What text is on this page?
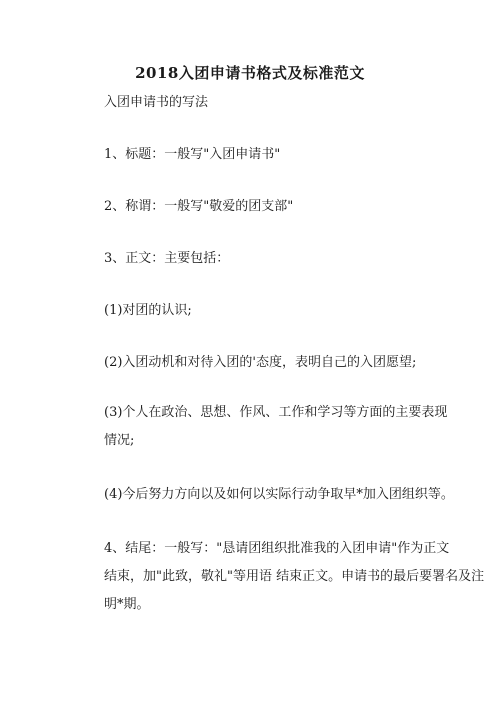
2018入团申请书格式及标准范文
入团申请书的写法
1、标题：一般写"入团申请书"
2、称谓：一般写"敬爱的团支部"
3、正文：主要包括：
(1)对团的认识;
(2)入团动机和对待入团的'态度，表明自己的入团愿望;
(3)个人在政治、思想、作风、工作和学习等方面的主要表现
情况;
(4)今后努力方向以及如何以实际行动争取早*加入团组织等。
4、结尾：一般写："恳请团组织批准我的入团申请"作为正文
结束，加"此致，敬礼"等用语 结束正文。申请书的最后要署名及注
明*期。
